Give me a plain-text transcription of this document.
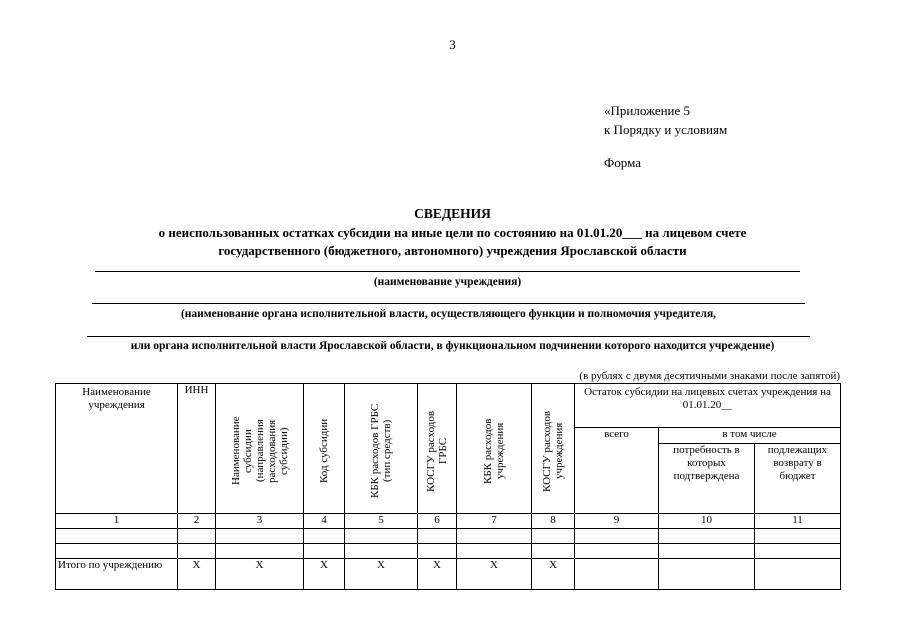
3
«Приложение 5
к Порядку и условиям
Форма
СВЕДЕНИЯ
о неиспользованных остатках субсидии на иные цели по состоянию на 01.01.20___ на лицевом счете
государственного (бюджетного, автономного) учреждения Ярославской области
(наименование учреждения)
(наименование органа исполнительной власти, осуществляющего функции и полномочия учредителя,
или органа исполнительной власти Ярославской области, в функциональном подчинении которого находится учреждение)
(в рублях с двумя десятичными знаками после запятой)
Наименование учреждения	ИНН	Наименование субсидии (направления расходования субсидии)	Код субсидии	КБК расходов ГРБС (тип средств)	КОСГУ расходов ГРБС	КБК расходов учреждения	КОСГУ расходов учреждения	Остаток субсидии на лицевых счетах учреждения на 01.01.20__		
								всего	в том числе	
									потребность в которых подтверждена	подлежащих возврату в бюджет
1	2	3	4	5	6	7	8	9	10	11

Итого по учреждению	X	X	X	X	X	X	X			
